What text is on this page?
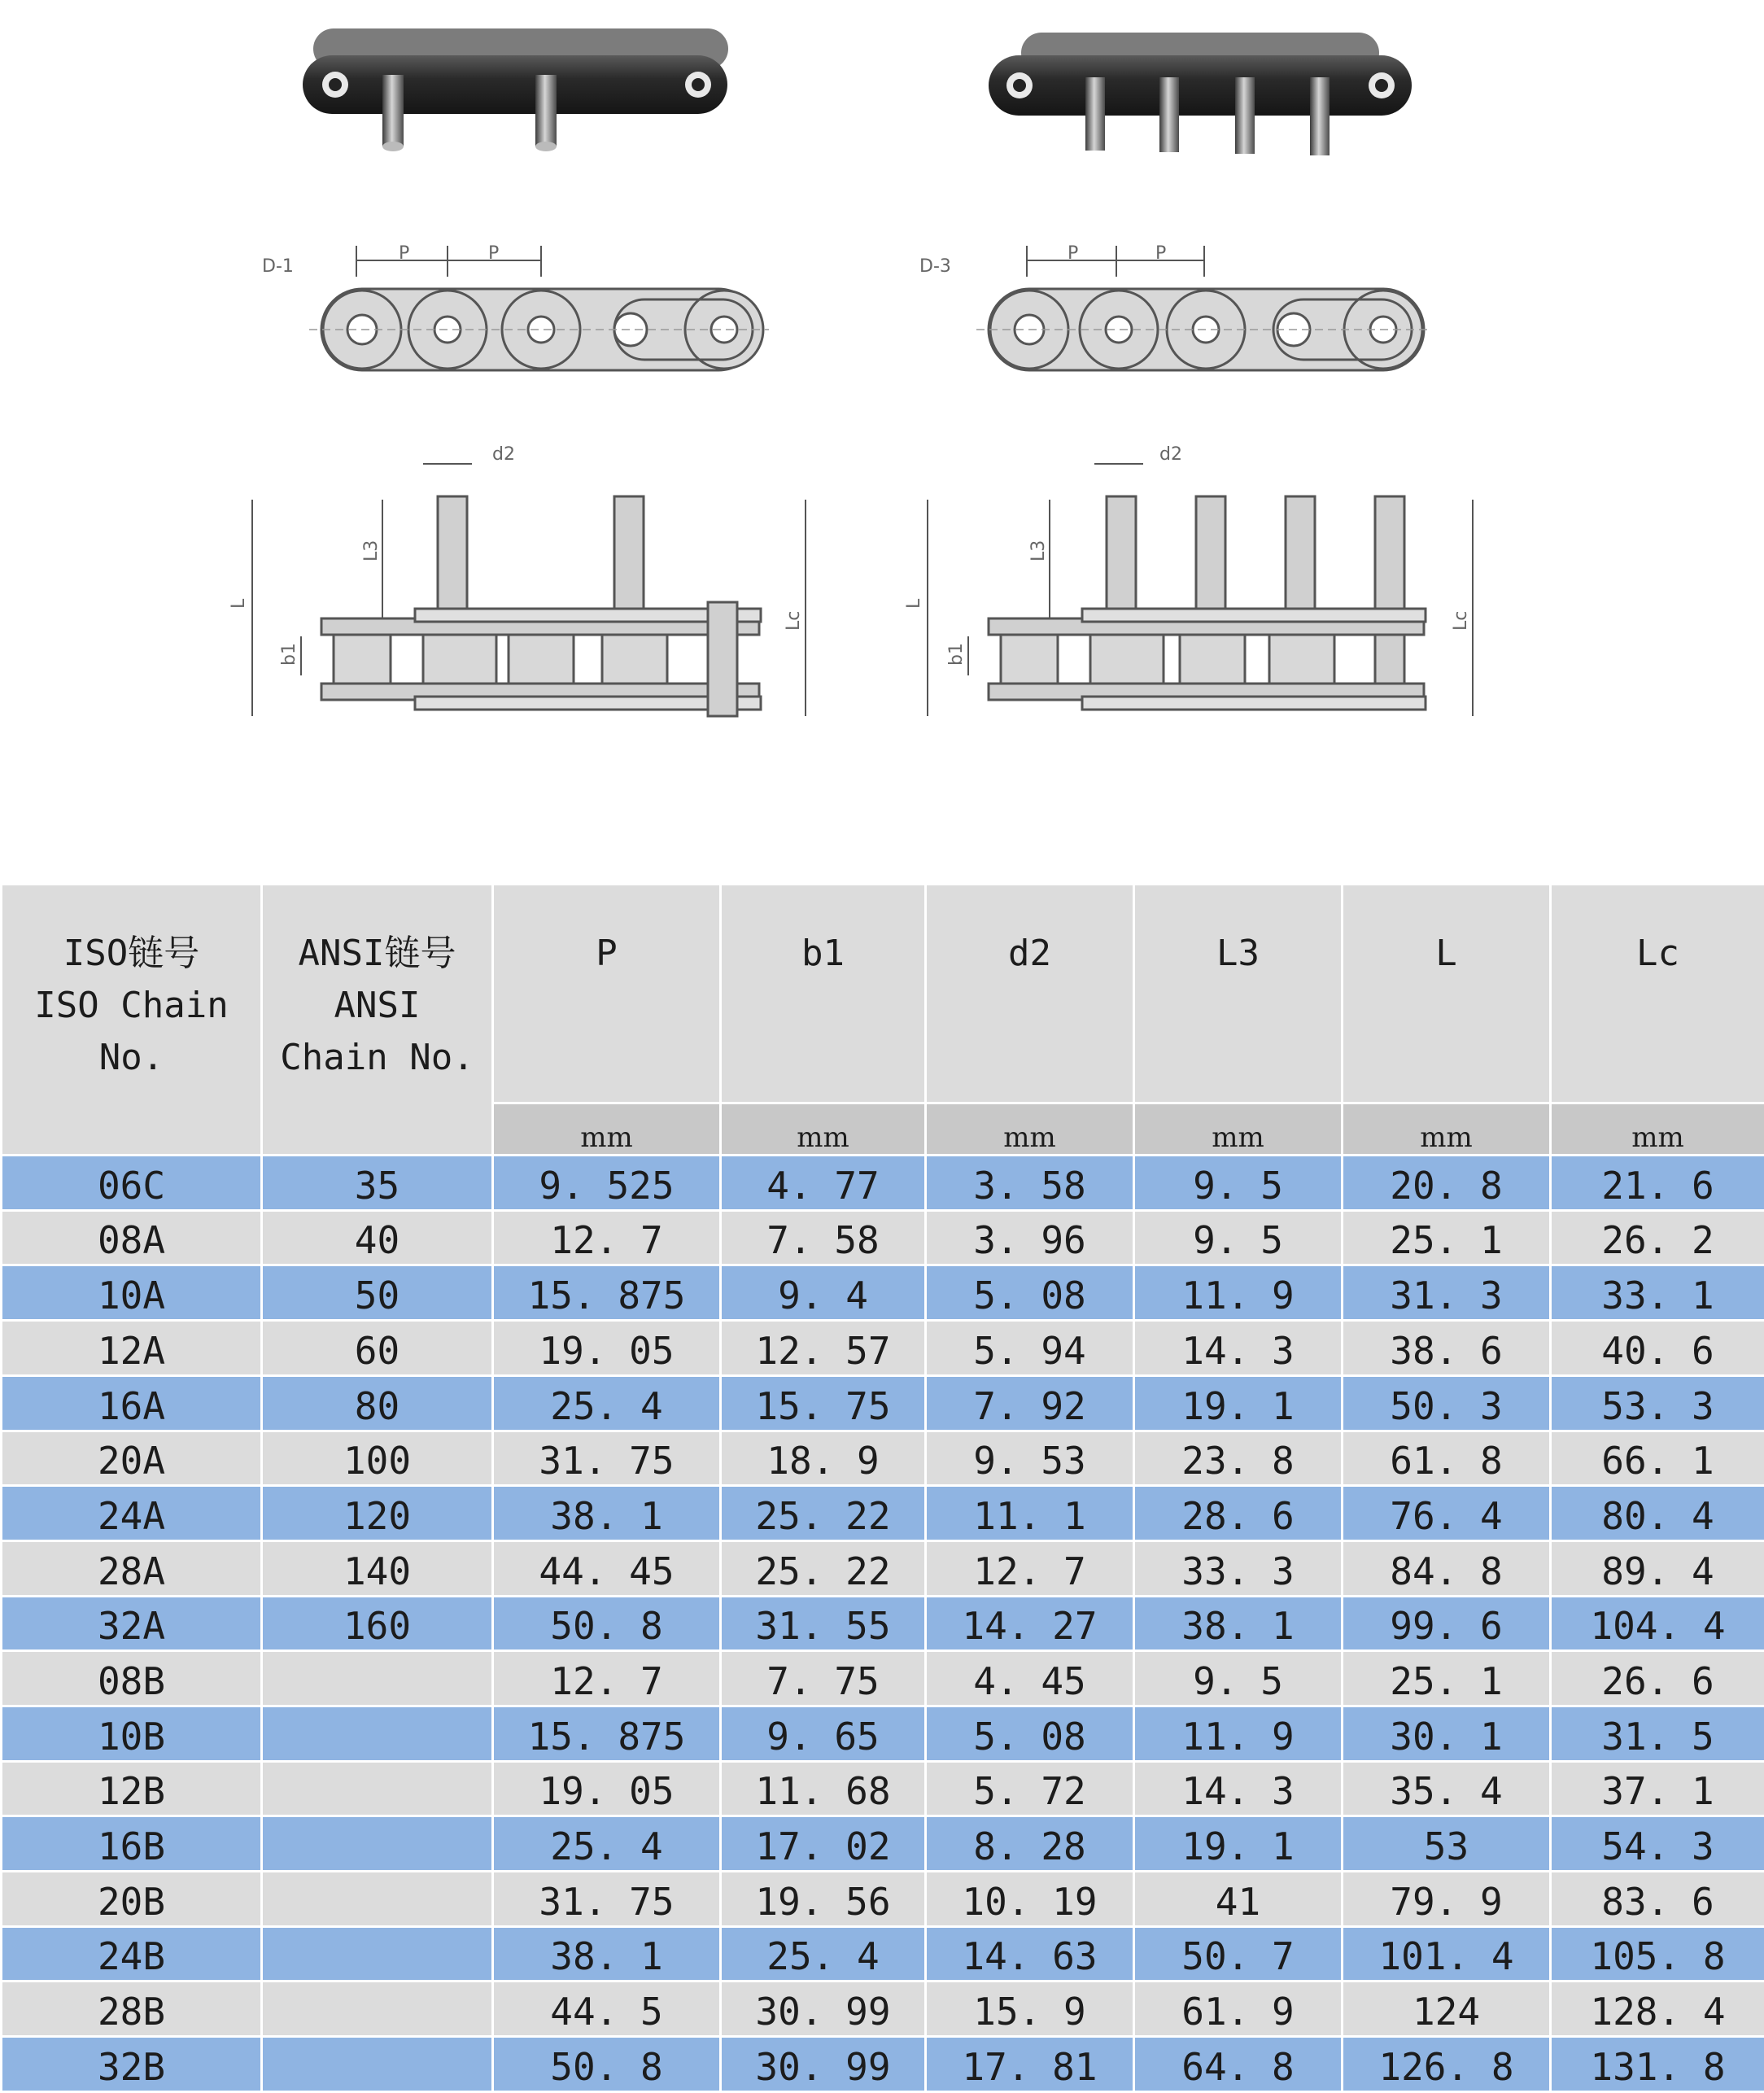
D-1
P	P
D-3
P	P
L
L3
Lc
b1
d2
L
L3
Lc
b1
d2
ISO链号
ISO Chain
No.	ANSI链号
ANSI
Chain No.	P	b1	d2	L3	L	Lc

		mm	mm	mm	mm	mm	mm
06C	35	9. 525	4. 77	3. 58	9. 5	20. 8	21. 6
08A	40	12. 7	7. 58	3. 96	9. 5	25. 1	26. 2
10A	50	15. 875	9. 4	5. 08	11. 9	31. 3	33. 1
12A	60	19. 05	12. 57	5. 94	14. 3	38. 6	40. 6
16A	80	25. 4	15. 75	7. 92	19. 1	50. 3	53. 3
20A	100	31. 75	18. 9	9. 53	23. 8	61. 8	66. 1
24A	120	38. 1	25. 22	11. 1	28. 6	76. 4	80. 4
28A	140	44. 45	25. 22	12. 7	33. 3	84. 8	89. 4
32A	160	50. 8	31. 55	14. 27	38. 1	99. 6	104. 4
08B		12. 7	7. 75	4. 45	9. 5	25. 1	26. 6
10B		15. 875	9. 65	5. 08	11. 9	30. 1	31. 5
12B		19. 05	11. 68	5. 72	14. 3	35. 4	37. 1
16B		25. 4	17. 02	8. 28	19. 1	53	54. 3
20B		31. 75	19. 56	10. 19	41	79. 9	83. 6
24B		38. 1	25. 4	14. 63	50. 7	101. 4	105. 8
28B		44. 5	30. 99	15. 9	61. 9	124	128. 4
32B		50. 8	30. 99	17. 81	64. 8	126. 8	131. 8
